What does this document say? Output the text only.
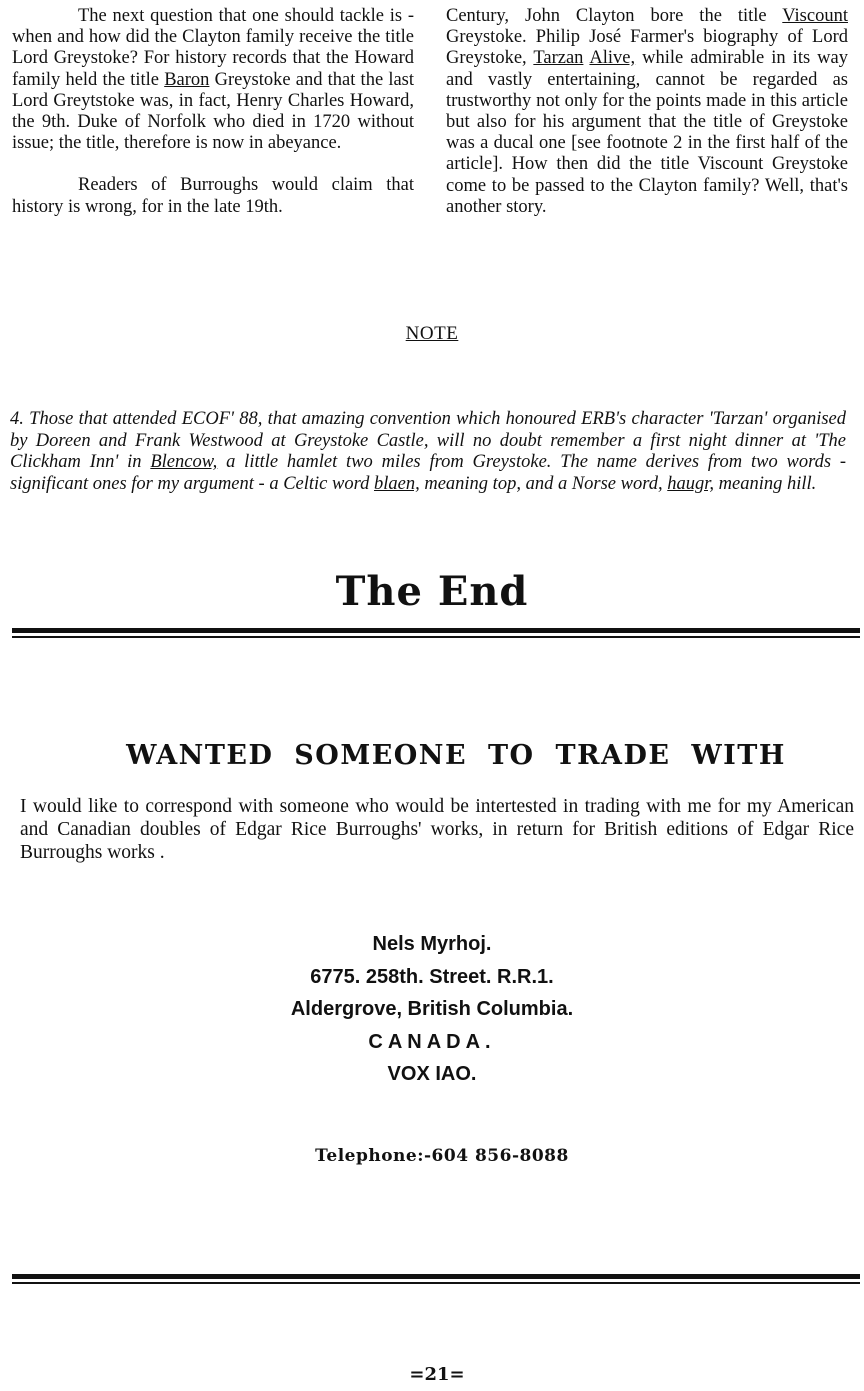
The next question that one should tackle is - when and how did the Clayton family receive the title Lord Greystoke? For history records that the Howard family held the title Baron Greystoke and that the last Lord Greytstoke was, in fact, Henry Charles Howard, the 9th. Duke of Norfolk who died in 1720 without issue; the title, therefore is now in abeyance.

Readers of Burroughs would claim that history is wrong, for in the late 19th.

Century, John Clayton bore the title Viscount Greystoke. Philip José Farmer's biography of Lord Greystoke, Tarzan Alive, while admirable in its way and vastly entertaining, cannot be regarded as trustworthy not only for the points made in this article but also for his argument that the title of Greystoke was a ducal one [see footnote 2 in the first half of the article]. How then did the title Viscount Greystoke come to be passed to the Clayton family? Well, that's another story.

NOTE

4. Those that attended ECOF' 88, that amazing convention which honoured ERB's character 'Tarzan' organised by Doreen and Frank Westwood at Greystoke Castle, will no doubt remember a first night dinner at 'The Clickham Inn' in Blencow, a little hamlet two miles from Greystoke. The name derives from two words - significant ones for my argument - a Celtic word blaen, meaning top, and a Norse word, haugr, meaning hill.

The End
WANTED SOMEONE TO TRADE WITH

I would like to correspond with someone who would be intertested in trading with me for my American and Canadian doubles of Edgar Rice Burroughs' works, in return for British editions of Edgar Rice Burroughs works .

Nels Myrhoj.
6775. 258th. Street. R.R.1.
Aldergrove, British Columbia.
CANADA.
VOX IAO.
Telephone:-604 856-8088
=21=
